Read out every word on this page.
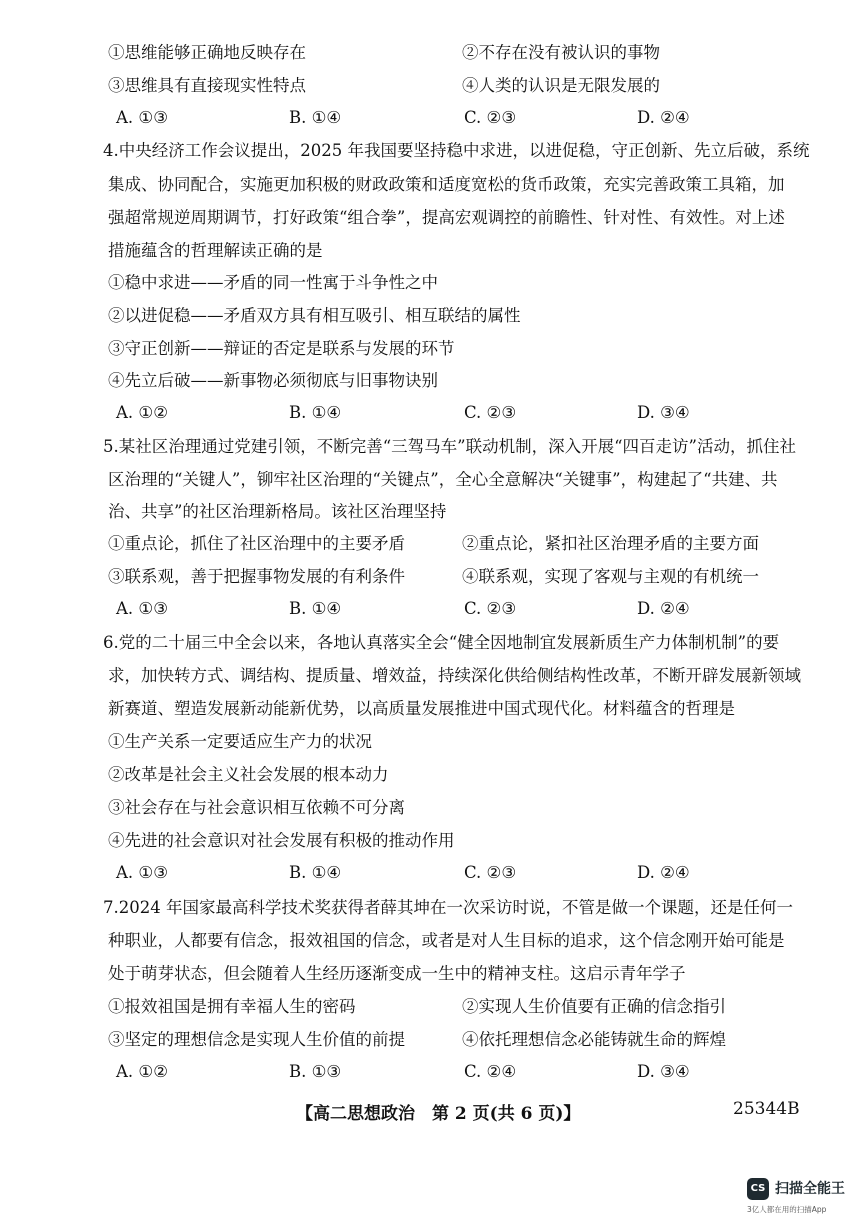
①思维能够正确地反映存在	②不存在没有被认识的事物
③思维具有直接现实性特点	④人类的认识是无限发展的
A. ①③	B. ①④	C. ②③	D. ②④
4.中央经济工作会议提出，2025 年我国要坚持稳中求进，以进促稳，守正创新、先立后破，系统
集成、协同配合，实施更加积极的财政政策和适度宽松的货币政策，充实完善政策工具箱，加
强超常规逆周期调节，打好政策“组合拳”，提高宏观调控的前瞻性、针对性、有效性。对上述
措施蕴含的哲理解读正确的是
①稳中求进——矛盾的同一性寓于斗争性之中
②以进促稳——矛盾双方具有相互吸引、相互联结的属性
③守正创新——辩证的否定是联系与发展的环节
④先立后破——新事物必须彻底与旧事物诀别
A. ①②	B. ①④	C. ②③	D. ③④
5.某社区治理通过党建引领，不断完善“三驾马车”联动机制，深入开展“四百走访”活动，抓住社
区治理的“关键人”，铆牢社区治理的“关键点”，全心全意解决“关键事”，构建起了“共建、共
治、共享”的社区治理新格局。该社区治理坚持
①重点论，抓住了社区治理中的主要矛盾	②重点论，紧扣社区治理矛盾的主要方面
③联系观，善于把握事物发展的有利条件	④联系观，实现了客观与主观的有机统一
A. ①③	B. ①④	C. ②③	D. ②④
6.党的二十届三中全会以来，各地认真落实全会“健全因地制宜发展新质生产力体制机制”的要
求，加快转方式、调结构、提质量、增效益，持续深化供给侧结构性改革，不断开辟发展新领域
新赛道、塑造发展新动能新优势，以高质量发展推进中国式现代化。材料蕴含的哲理是
①生产关系一定要适应生产力的状况
②改革是社会主义社会发展的根本动力
③社会存在与社会意识相互依赖不可分离
④先进的社会意识对社会发展有积极的推动作用
A. ①③	B. ①④	C. ②③	D. ②④
7.2024 年国家最高科学技术奖获得者薛其坤在一次采访时说，不管是做一个课题，还是任何一
种职业，人都要有信念，报效祖国的信念，或者是对人生目标的追求，这个信念刚开始可能是
处于萌芽状态，但会随着人生经历逐渐变成一生中的精神支柱。这启示青年学子
①报效祖国是拥有幸福人生的密码	②实现人生价值要有正确的信念指引
③坚定的理想信念是实现人生价值的前提	④依托理想信念必能铸就生命的辉煌
A. ①②	B. ①③	C. ②④	D. ③④
【高二思想政治　第 2 页(共 6 页)】	25344B
CS 扫描全能王
3亿人都在用的扫描App
